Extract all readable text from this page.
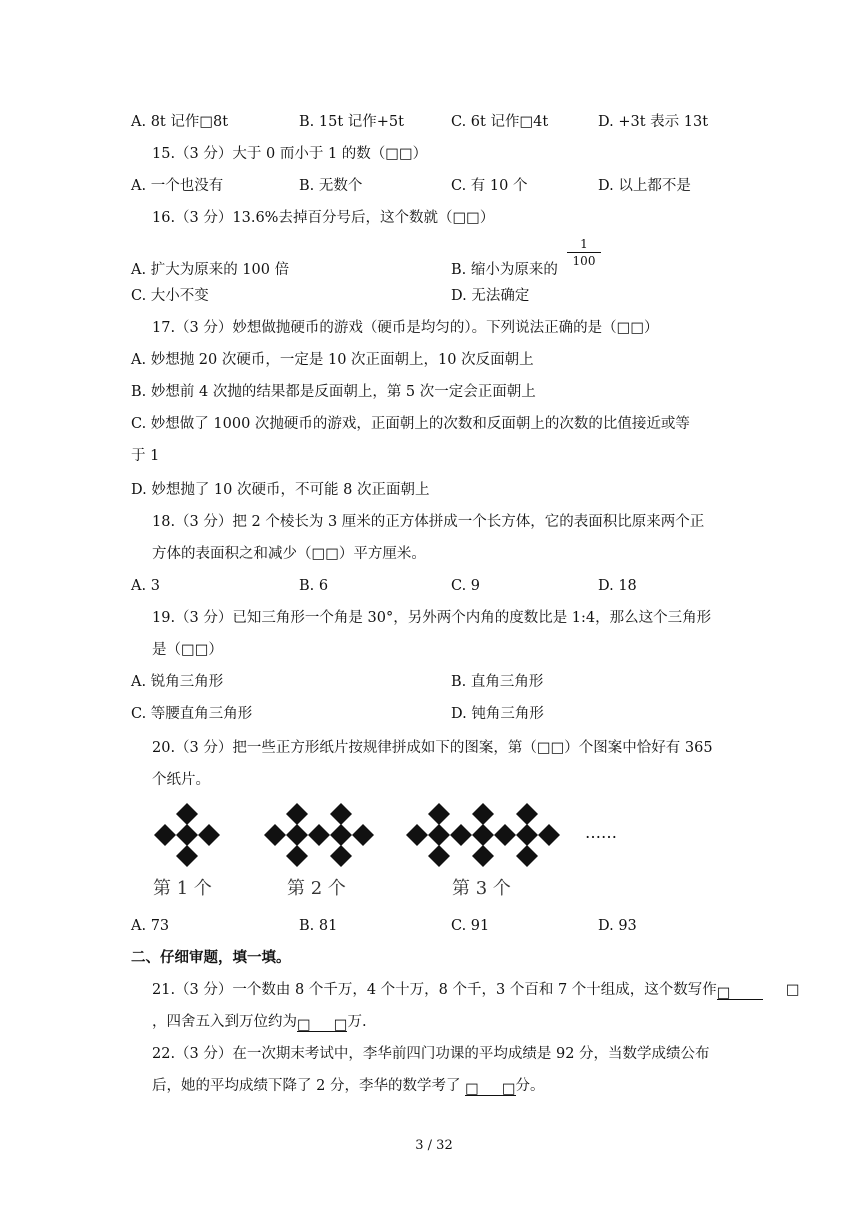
A. 8t 记作□8t	B. 15t 记作+5t	C. 6t 记作□4t	D. +3t 表示 13t
15.（3 分）大于 0 而小于 1 的数（□□）
A. 一个也没有	B. 无数个	C. 有 10 个	D. 以上都不是
16.（3 分）13.6%去掉百分号后，这个数就（□□）
A. 扩大为原来的 100 倍	B. 缩小为原来的
1
100
C. 大小不变	D. 无法确定
17.（3 分）妙想做抛硬币的游戏（硬币是均匀的）。下列说法正确的是（□□）
A. 妙想抛 20 次硬币，一定是 10 次正面朝上，10 次反面朝上
B. 妙想前 4 次抛的结果都是反面朝上，第 5 次一定会正面朝上
C. 妙想做了 1000 次抛硬币的游戏，正面朝上的次数和反面朝上的次数的比值接近或等
于 1
D. 妙想抛了 10 次硬币，不可能 8 次正面朝上
18.（3 分）把 2 个棱长为 3 厘米的正方体拼成一个长方体，它的表面积比原来两个正
方体的表面积之和减少（□□）平方厘米。
A. 3	B. 6	C. 9	D. 18
19.（3 分）已知三角形一个角是 30°，另外两个内角的度数比是 1:4，那么这个三角形
是（□□）
A. 锐角三角形	B. 直角三角形
C. 等腰直角三角形	D. 钝角三角形
20.（3 分）把一些正方形纸片按规律拼成如下的图案，第（□□）个图案中恰好有 365
个纸片。
第 1 个	第 2 个	第 3 个
……
A. 73	B. 81	C. 91	D. 93
二、仔细审题，填一填。
21.（3 分）一个数由 8 个千万，4 个十万，8 个千，3 个百和 7 个十组成，这个数写作□	□
，四舍五入到万位约为□ □万.
22.（3 分）在一次期末考试中，李华前四门功课的平均成绩是 92 分，当数学成绩公布
后，她的平均成绩下降了 2 分，李华的数学考了 □ □分。
3 / 32
